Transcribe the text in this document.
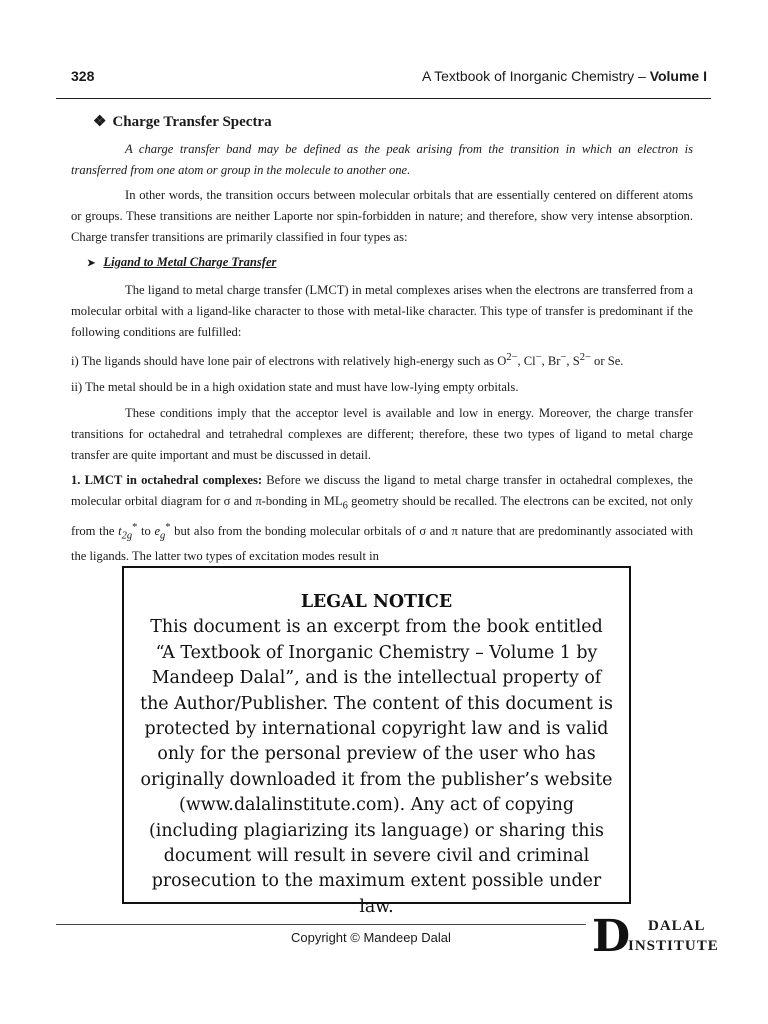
328	A Textbook of Inorganic Chemistry – Volume I
❖ Charge Transfer Spectra

A charge transfer band may be defined as the peak arising from the transition in which an electron is transferred from one atom or group in the molecule to another one.

In other words, the transition occurs between molecular orbitals that are essentially centered on different atoms or groups. These transitions are neither Laporte nor spin-forbidden in nature; and therefore, show very intense absorption. Charge transfer transitions are primarily classified in four types as:

➤ Ligand to Metal Charge Transfer

The ligand to metal charge transfer (LMCT) in metal complexes arises when the electrons are transferred from a molecular orbital with a ligand-like character to those with metal-like character. This type of transfer is predominant if the following conditions are fulfilled:

i) The ligands should have lone pair of electrons with relatively high-energy such as $O^{2-}$, Cl−, Br−, $S^{2-}$ or Se.

ii) The metal should be in a high oxidation state and must have low-lying empty orbitals.

These conditions imply that the acceptor level is available and low in energy. Moreover, the charge transfer transitions for octahedral and tetrahedral complexes are different; therefore, these two types of ligand to metal charge transfer are quite important and must be discussed in detail.

1. LMCT in octahedral complexes: Before we discuss the ligand to metal charge transfer in octahedral complexes, the molecular orbital diagram for σ and π-bonding in $ML_6$ geometry should be recalled. The electrons can be excited, not only from the $t_{2g}^*$ to $e_g^*$ but also from the bonding molecular orbitals of σ and π nature that are predominantly associated with the ligands. The latter two types of excitation modes result in

LEGAL NOTICE
This document is an excerpt from the book entitled “A Textbook of Inorganic Chemistry – Volume 1 by Mandeep Dalal”, and is the intellectual property of the Author/Publisher. The content of this document is protected by international copyright law and is valid only for the personal preview of the user who has originally downloaded it from the publisher’s website (www.dalalinstitute.com). Any act of copying (including plagiarizing its language) or sharing this document will result in severe civil and criminal prosecution to the maximum extent possible under law.
Copyright © Mandeep Dalal	D DALAL
INSTITUTE
